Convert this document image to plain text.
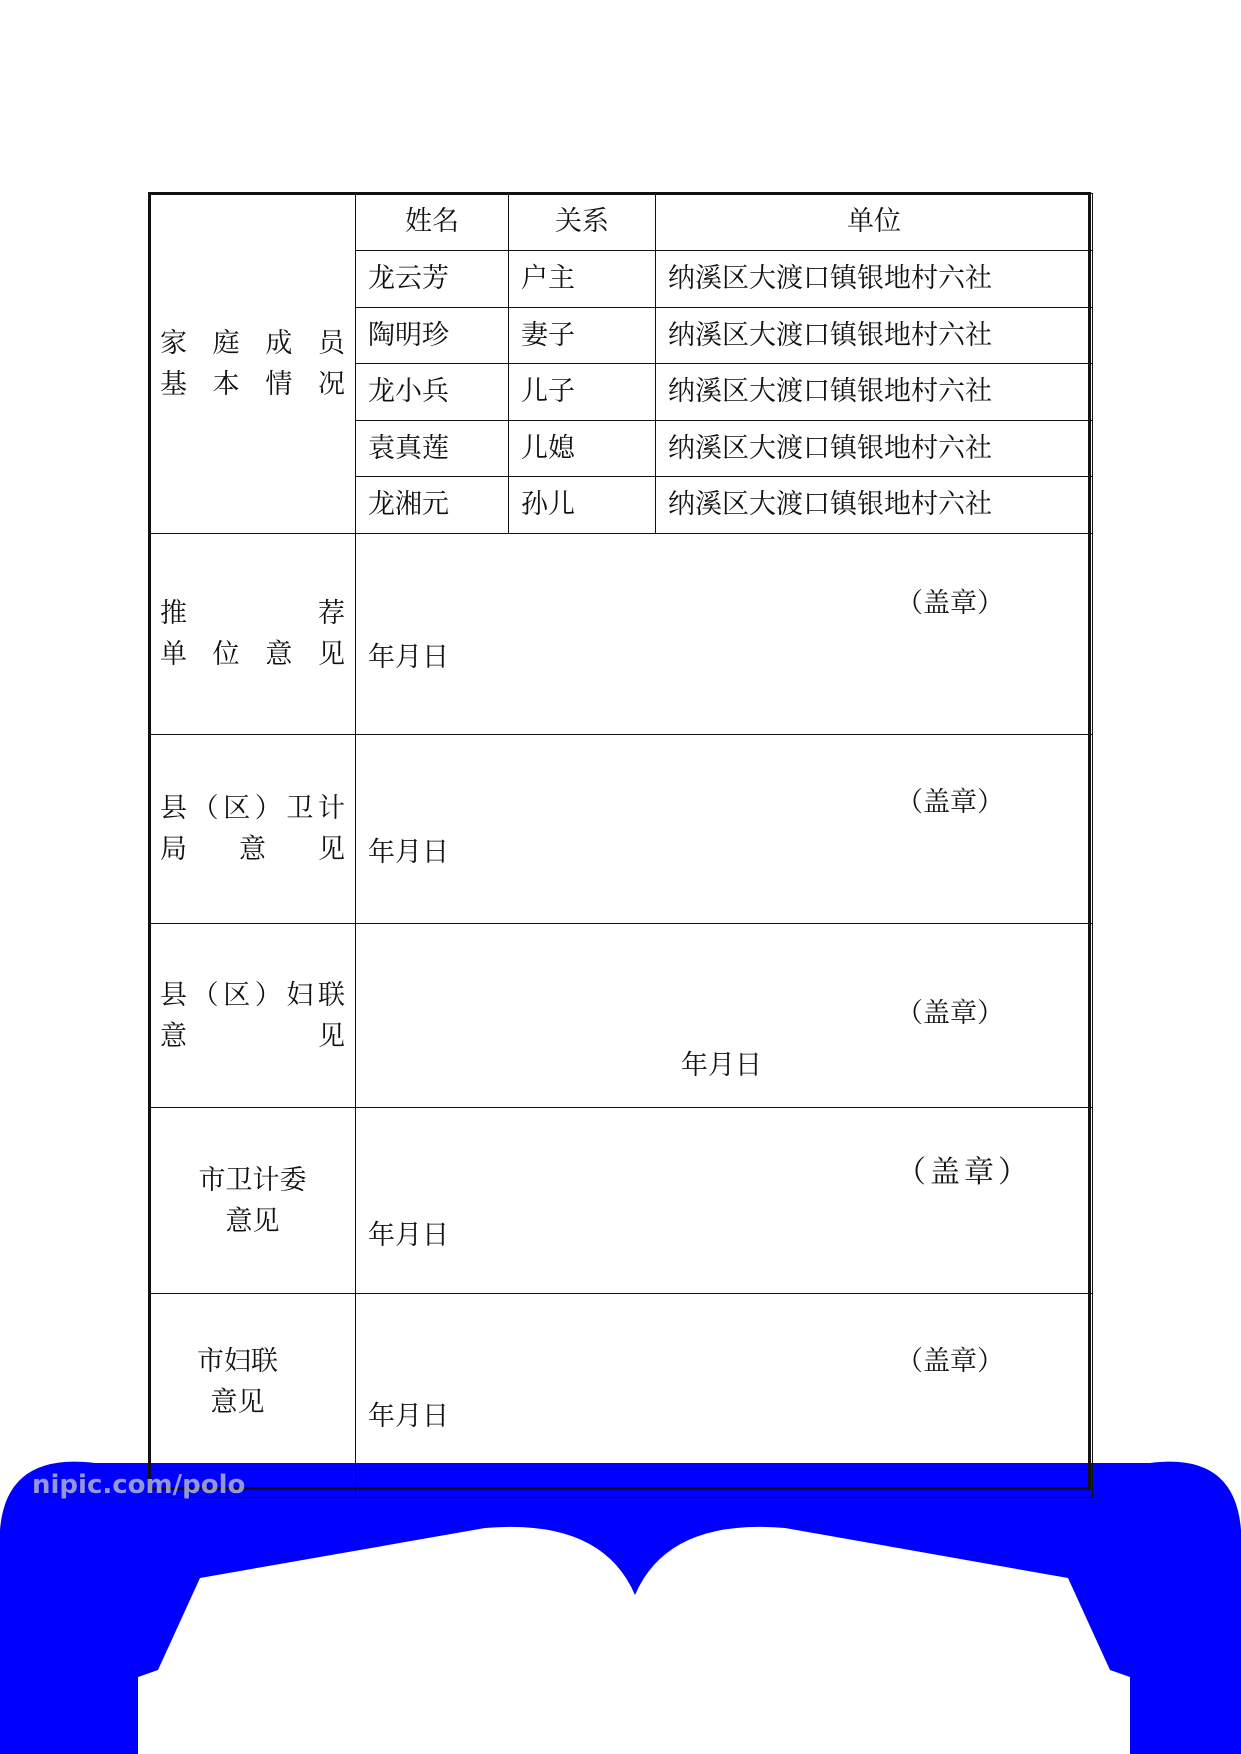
家庭成员
基本情况	姓名	关系	单位
	龙云芳	户主	纳溪区大渡口镇银地村六社
	陶明珍	妻子	纳溪区大渡口镇银地村六社
	龙小兵	儿子	纳溪区大渡口镇银地村六社
	袁真莲	儿媳	纳溪区大渡口镇银地村六社
	龙湘元	孙儿	纳溪区大渡口镇银地村六社

推荐
单位意见	（盖章）
年月日		

县（区）卫计
局意见	（盖章）
年月日		

县（区）妇联
意见	（盖章）
年月日		

市卫计委
意见	（盖章）
年月日		

市妇联
意见	（盖章）
年月日		

nipic.com/polo
